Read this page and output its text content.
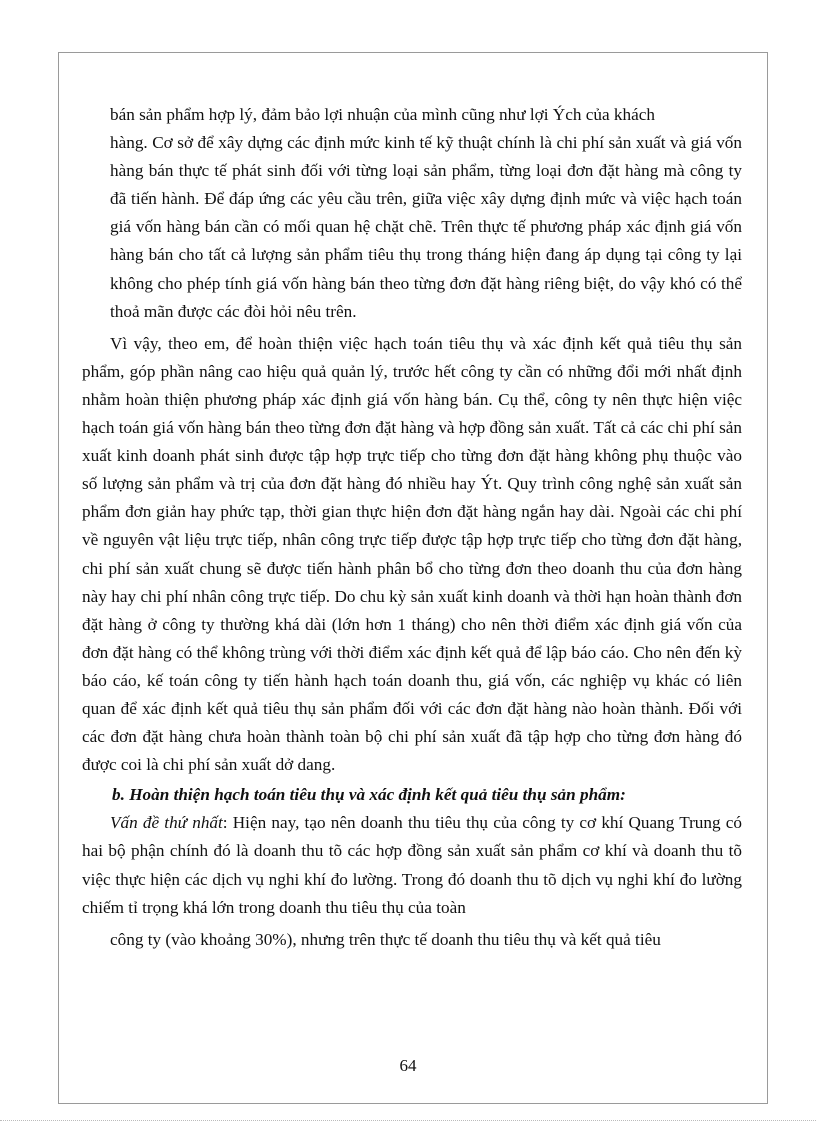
bán sản phẩm hợp lý, đảm bảo lợi nhuận của mình cũng như lợi Ých của khách

hàng. Cơ sở để xây dựng các định mức kinh tế kỹ thuật chính là chi phí sản xuất và giá vốn hàng bán thực tế phát sinh đối với từng loại sản phẩm, từng loại đơn đặt hàng mà công ty đã tiến hành. Để đáp ứng các yêu cầu trên, giữa việc xây dựng định mức và việc hạch toán giá vốn hàng bán cần có mối quan hệ chặt chẽ. Trên thực tế phương pháp xác định giá vốn hàng bán cho tất cả lượng sản phẩm tiêu thụ trong tháng hiện đang áp dụng tại công ty lại không cho phép tính giá vốn hàng bán theo từng đơn đặt hàng riêng biệt, do vậy khó có thể thoả mãn được các đòi hỏi nêu trên.

Vì vậy, theo em, để hoàn thiện việc hạch toán tiêu thụ và xác định kết quả tiêu thụ sản phẩm, góp phần nâng cao hiệu quả quản lý, trước hết công ty cần có những đổi mới nhất định nhằm hoàn thiện phương pháp xác định giá vốn hàng bán. Cụ thể, công ty nên thực hiện việc hạch toán giá vốn hàng bán theo từng đơn đặt hàng và hợp đồng sản xuất. Tất cả các chi phí sản xuất kinh doanh phát sinh được tập hợp trực tiếp cho từng đơn đặt hàng không phụ thuộc vào số lượng sản phẩm và trị của đơn đặt hàng đó nhiều hay Ýt. Quy trình công nghệ sản xuất sản phẩm đơn giản hay phức tạp, thời gian thực hiện đơn đặt hàng ngắn hay dài. Ngoài các chi phí về nguyên vật liệu trực tiếp, nhân công trực tiếp được tập hợp trực tiếp cho từng đơn đặt hàng, chi phí sản xuất chung sẽ được tiến hành phân bổ cho từng đơn theo doanh thu của đơn hàng này hay chi phí nhân công trực tiếp. Do chu kỳ sản xuất kinh doanh và thời hạn hoàn thành đơn đặt hàng ở công ty thường khá dài (lớn hơn 1 tháng) cho nên thời điểm xác định giá vốn của đơn đặt hàng có thể không trùng với thời điểm xác định kết quả để lập báo cáo. Cho nên đến kỳ báo cáo, kế toán công ty tiến hành hạch toán doanh thu, giá vốn, các nghiệp vụ khác có liên quan để xác định kết quả tiêu thụ sản phẩm đối với các đơn đặt hàng nào hoàn thành. Đối với các đơn đặt hàng chưa hoàn thành toàn bộ chi phí sản xuất đã tập hợp cho từng đơn hàng đó được coi là chi phí sản xuất dở dang.

b. Hoàn thiện hạch toán tiêu thụ và xác định kết quả tiêu thụ sản phẩm:

Vấn đề thứ nhất: Hiện nay, tạo nên doanh thu tiêu thụ của công ty cơ khí Quang Trung có hai bộ phận chính đó là doanh thu tõ các hợp đồng sản xuất sản phẩm cơ khí và doanh thu tõ việc thực hiện các dịch vụ nghi khí đo lường. Trong đó doanh thu tõ dịch vụ nghi khí đo lường chiếm tỉ trọng khá lớn trong doanh thu tiêu thụ của toàn

công ty (vào khoảng 30%), nhưng trên thực tế doanh thu tiêu thụ và kết quả tiêu

64
